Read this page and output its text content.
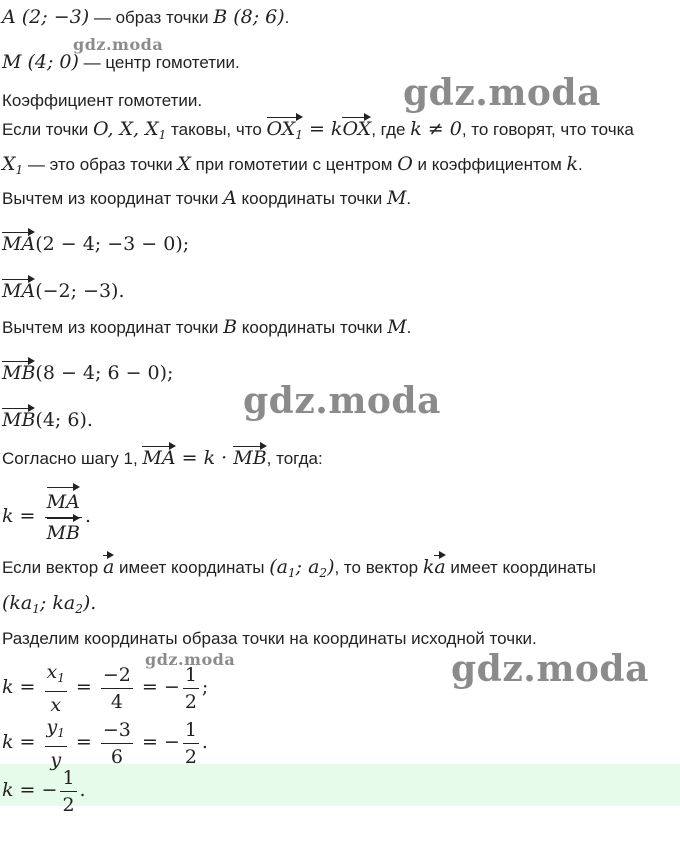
A (2; −3) — образ точки B (8; 6).
M (4; 0) — центр гомотетии.
Коэффициент гомотетии.
Если точки O, X, $X_1$ таковы, что $OX_1$ = kOX, где k ≠ 0, то говорят, что точка
$X_1$ — это образ точки X при гомотетии с центром O и коэффициентом k.
Вычтем из координат точки A координаты точки M.
MA(2 − 4; −3 − 0);
MA(−2; −3).
Вычтем из координат точки B координаты точки M.
MB(8 − 4; 6 − 0);
MB(4; 6).
Согласно шагу 1, MA = k · MB, тогда:
$k = \frac{MA}{MB}$ .
Если вектор a имеет координаты ($a_1$; $a_2$), то вектор ka имеет координаты
($ka_1$; $ka_2$).
Разделим координаты образа точки на координаты исходной точки.
$k = \frac{x_1}{x} = \frac{-2}{4}$ = − $\frac{1}{2}$ ;
$k = \frac{y_1}{y} = \frac{-3}{6}$ = − $\frac{1}{2}$ .
k = − $\frac{1}{2}$ .
gdz.moda
gdz.moda
gdz.moda
gdz.moda	gdz.moda
